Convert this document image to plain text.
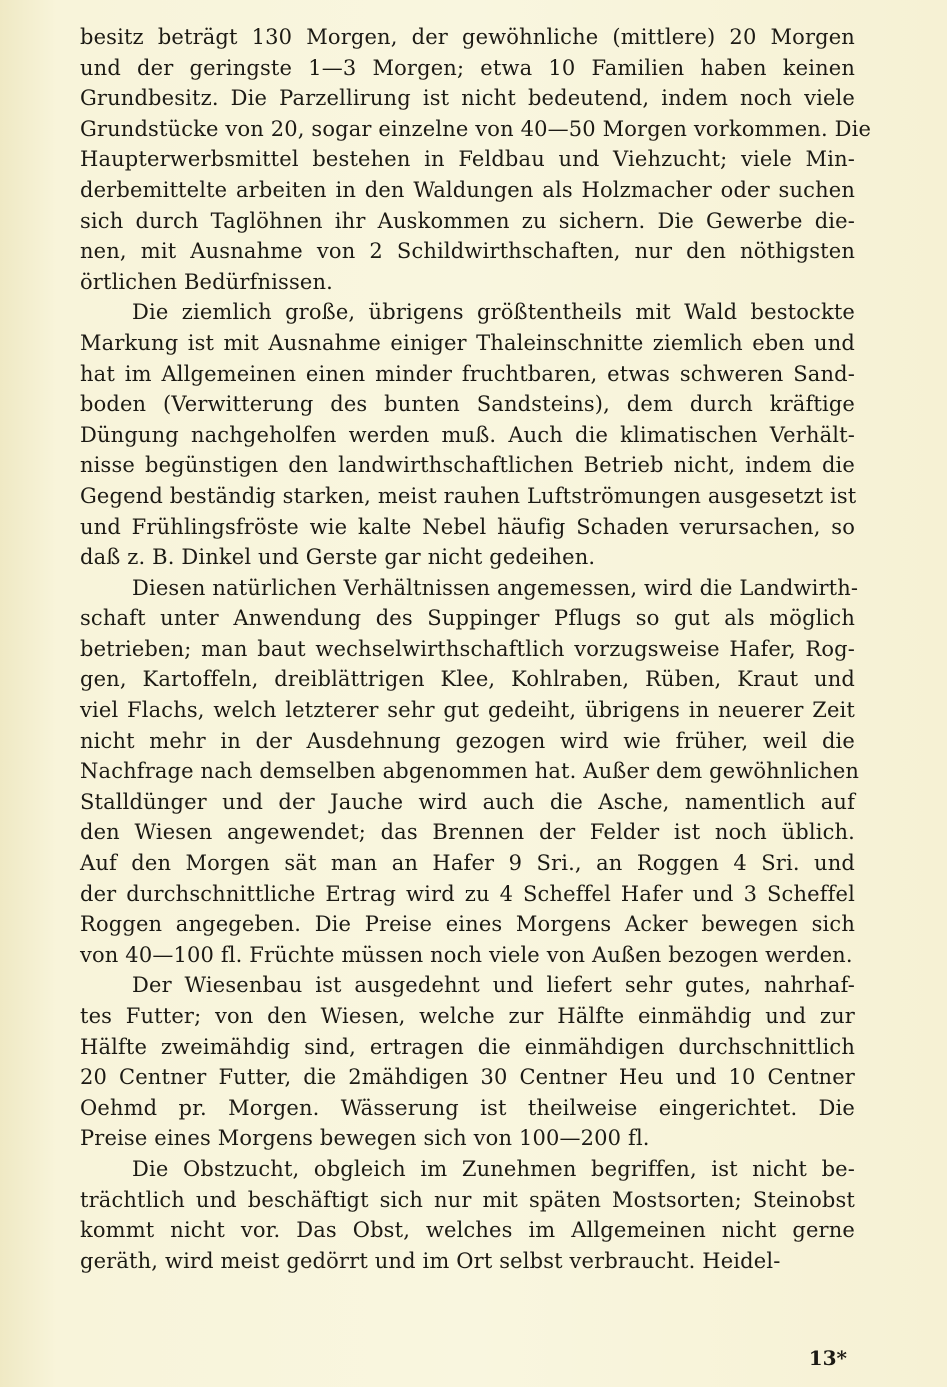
besitz beträgt 130 Morgen, der gewöhnliche (mittlere) 20 Morgen
und der geringste 1—3 Morgen; etwa 10 Familien haben keinen
Grundbesitz. Die Parzellirung ist nicht bedeutend, indem noch viele
Grundstücke von 20, sogar einzelne von 40—50 Morgen vorkommen. Die
Haupterwerbsmittel bestehen in Feldbau und Viehzucht; viele Min-
derbemittelte arbeiten in den Waldungen als Holzmacher oder suchen
sich durch Taglöhnen ihr Auskommen zu sichern. Die Gewerbe die-
nen, mit Ausnahme von 2 Schildwirthschaften, nur den nöthigsten
örtlichen Bedürfnissen.

Die ziemlich große, übrigens größtentheils mit Wald bestockte
Markung ist mit Ausnahme einiger Thaleinschnitte ziemlich eben und
hat im Allgemeinen einen minder fruchtbaren, etwas schweren Sand-
boden (Verwitterung des bunten Sandsteins), dem durch kräftige
Düngung nachgeholfen werden muß. Auch die klimatischen Verhält-
nisse begünstigen den landwirthschaftlichen Betrieb nicht, indem die
Gegend beständig starken, meist rauhen Luftströmungen ausgesetzt ist
und Frühlingsfröste wie kalte Nebel häufig Schaden verursachen, so
daß z. B. Dinkel und Gerste gar nicht gedeihen.

Diesen natürlichen Verhältnissen angemessen, wird die Landwirth-
schaft unter Anwendung des Suppinger Pflugs so gut als möglich
betrieben; man baut wechselwirthschaftlich vorzugsweise Hafer, Rog-
gen, Kartoffeln, dreiblättrigen Klee, Kohlraben, Rüben, Kraut und
viel Flachs, welch letzterer sehr gut gedeiht, übrigens in neuerer Zeit
nicht mehr in der Ausdehnung gezogen wird wie früher, weil die
Nachfrage nach demselben abgenommen hat. Außer dem gewöhnlichen
Stalldünger und der Jauche wird auch die Asche, namentlich auf
den Wiesen angewendet; das Brennen der Felder ist noch üblich.
Auf den Morgen sät man an Hafer 9 Sri., an Roggen 4 Sri. und
der durchschnittliche Ertrag wird zu 4 Scheffel Hafer und 3 Scheffel
Roggen angegeben. Die Preise eines Morgens Acker bewegen sich
von 40—100 fl. Früchte müssen noch viele von Außen bezogen werden.

Der Wiesenbau ist ausgedehnt und liefert sehr gutes, nahrhaf-
tes Futter; von den Wiesen, welche zur Hälfte einmähdig und zur
Hälfte zweimähdig sind, ertragen die einmähdigen durchschnittlich
20 Centner Futter, die 2mähdigen 30 Centner Heu und 10 Centner
Oehmd pr. Morgen. Wässerung ist theilweise eingerichtet. Die
Preise eines Morgens bewegen sich von 100—200 fl.

Die Obstzucht, obgleich im Zunehmen begriffen, ist nicht be-
trächtlich und beschäftigt sich nur mit späten Mostsorten; Steinobst
kommt nicht vor. Das Obst, welches im Allgemeinen nicht gerne
geräth, wird meist gedörrt und im Ort selbst verbraucht. Heidel-

13*
